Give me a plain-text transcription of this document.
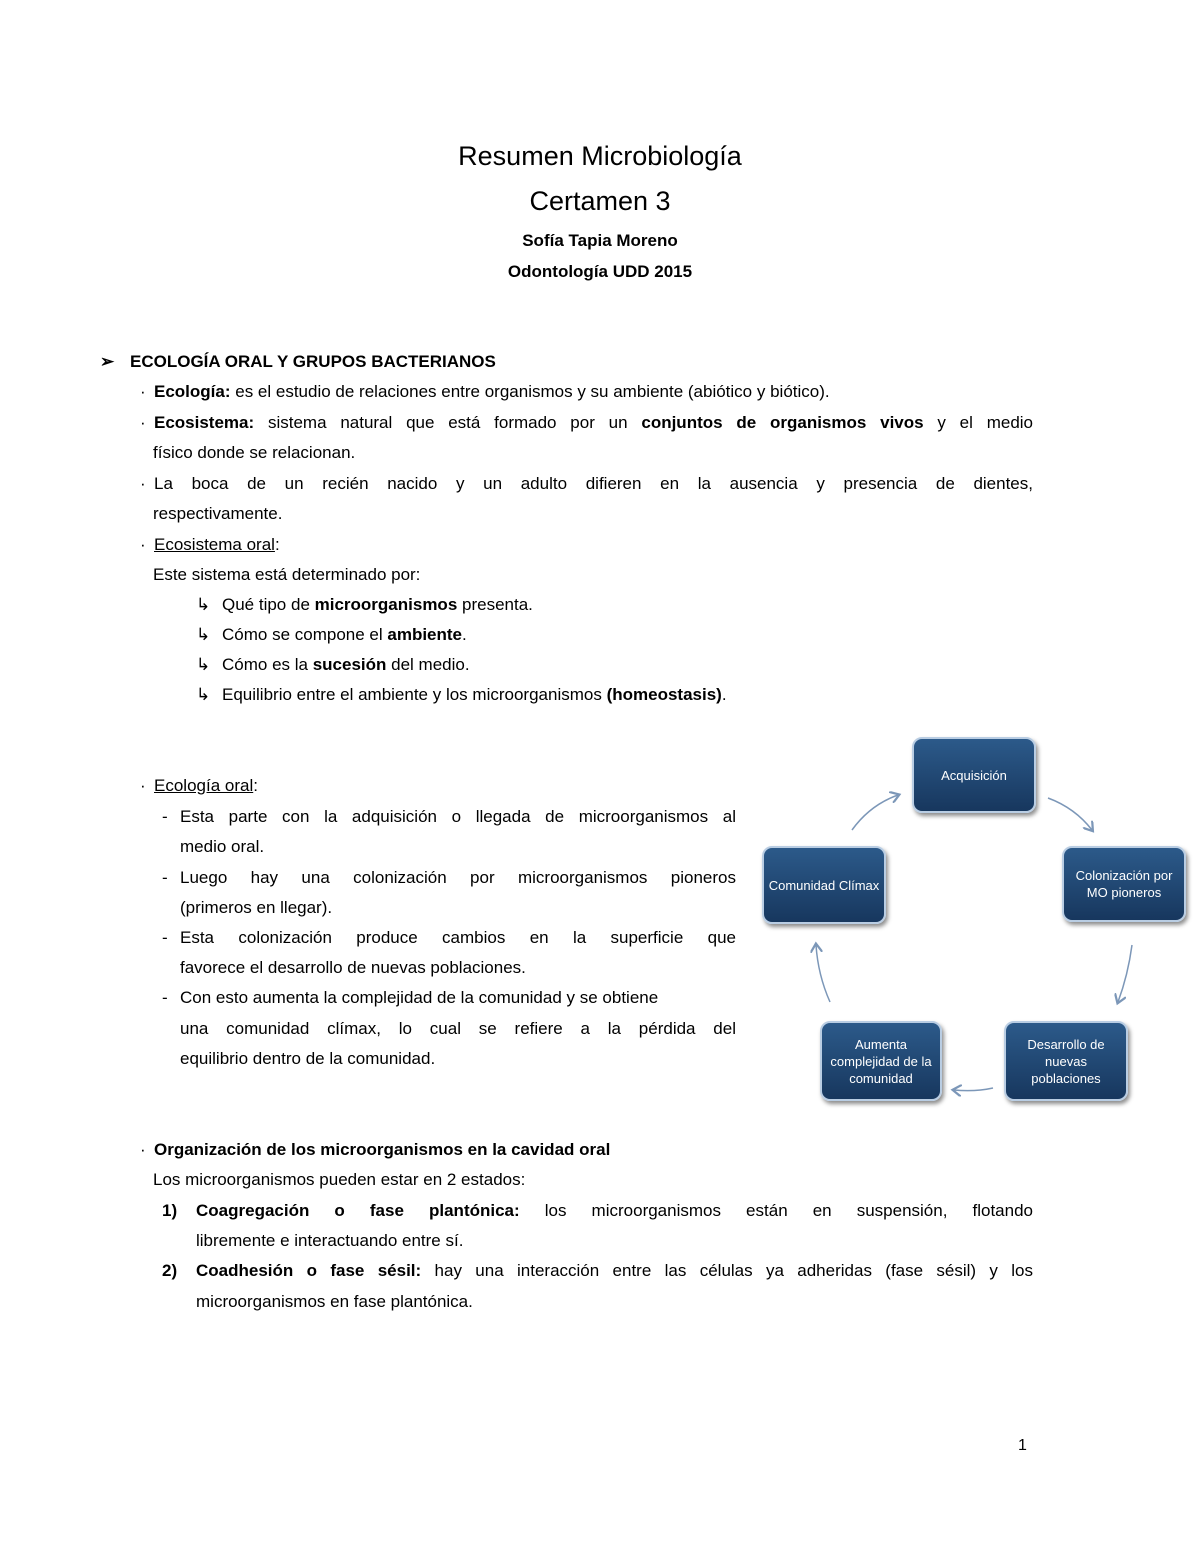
Resumen Microbiología
Certamen 3
Sofía Tapia Moreno
Odontología UDD 2015
➢ ECOLOGÍA ORAL Y GRUPOS BACTERIANOS
· Ecología: es el estudio de relaciones entre organismos y su ambiente (abiótico y biótico).
· Ecosistema: sistema natural que está formado por un conjuntos de organismos vivos y el medio
físico donde se relacionan.
· La boca de un recién nacido y un adulto difieren en la ausencia y presencia de dientes,
respectivamente.
· Ecosistema oral:
Este sistema está determinado por:
↳ Qué tipo de microorganismos presenta.
↳ Cómo se compone el ambiente.
↳ Cómo es la sucesión del medio.
↳ Equilibrio entre el ambiente y los microorganismos (homeostasis).
· Ecología oral:
- Esta parte con la adquisición o llegada de microorganismos al
medio oral.
- Luego hay una colonización por microorganismos pioneros
(primeros en llegar).
- Esta colonización produce cambios en la superficie que
favorece el desarrollo de nuevas poblaciones.
- Con esto aumenta la complejidad de la comunidad y se obtiene
una comunidad clímax, lo cual se refiere a la pérdida del
equilibrio dentro de la comunidad.
Acquisición
Colonización por MO pioneros
Desarrollo de nuevas poblaciones
Aumenta complejidad de la comunidad
Comunidad Clímax
· Organización de los microorganismos en la cavidad oral
Los microorganismos pueden estar en 2 estados:
1) Coagregación o fase plantónica: los microorganismos están en suspensión, flotando
libremente e interactuando entre sí.
2) Coadhesión o fase sésil: hay una interacción entre las células ya adheridas (fase sésil) y los
microorganismos en fase plantónica.
1
